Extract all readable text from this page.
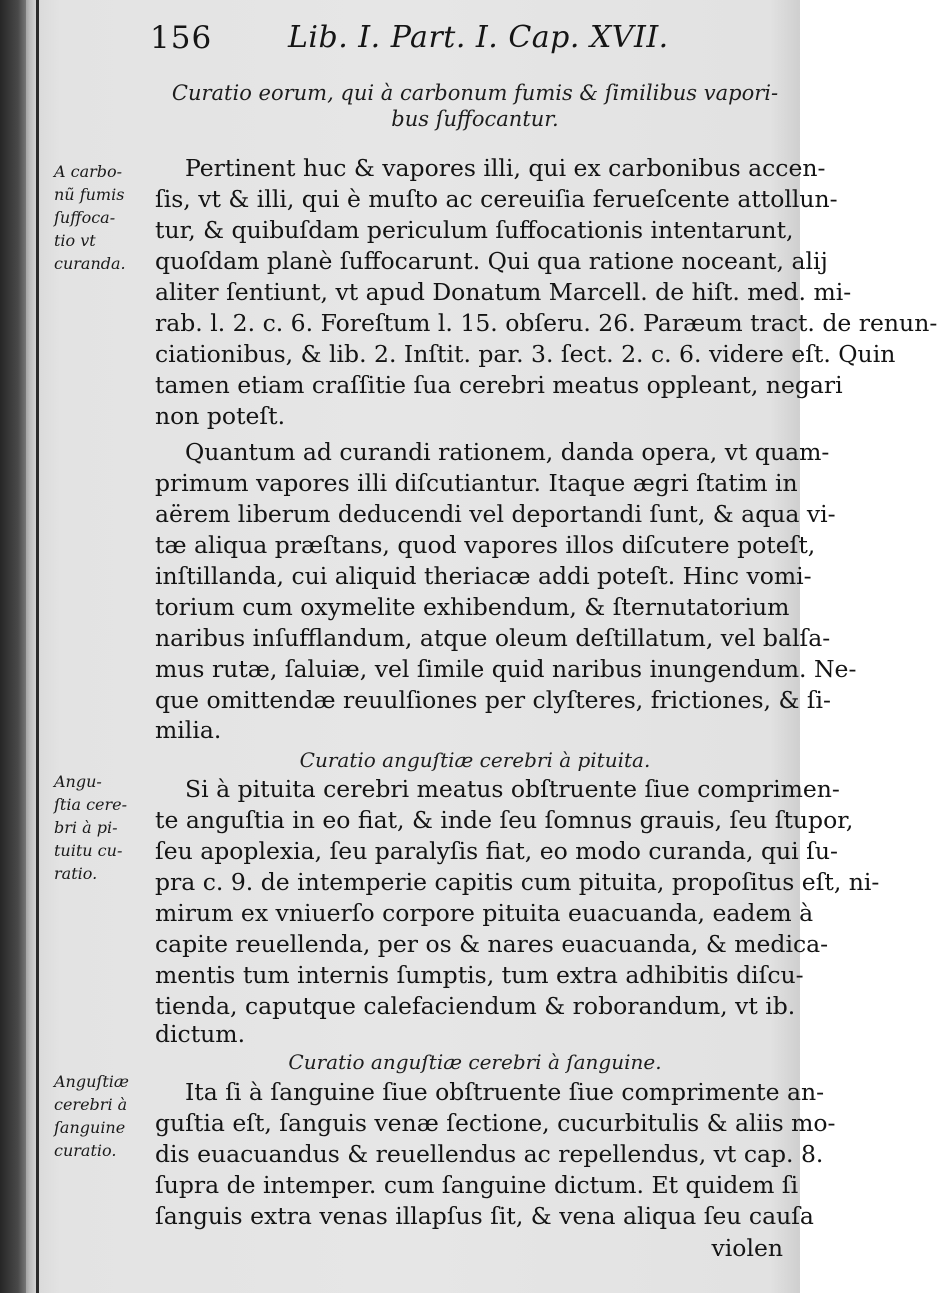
156	Lib. I. Part. I. Cap. XVII.
Curatio eorum, qui à carbonum fumis & ſimilibus vapori-
bus ſuffocantur.
A carbo-
nũ fumis
ſuffoca-
tio vt
curanda.
Pertinent huc & vapores illi, qui ex carbonibus accen-
ſis, vt & illi, qui è muſto ac cereuiſia ferueſcente attollun-
tur, & quibuſdam periculum ſuffocationis intentarunt,
quoſdam planè ſuffocarunt. Qui qua ratione noceant, alij
aliter ſentiunt, vt apud Donatum Marcell. de hiſt. med. mi-
rab. l. 2. c. 6. Foreſtum l. 15. obſeru. 26. Paræum tract. de renun-
ciationibus, & lib. 2. Inſtit. par. 3. ſect. 2. c. 6. videre eſt. Quin
tamen etiam craſſitie ſua cerebri meatus oppleant, negari
non poteſt.
Quantum ad curandi rationem, danda opera, vt quam-
primum vapores illi diſcutiantur. Itaque ægri ſtatim in
aërem liberum deducendi vel deportandi ſunt, & aqua vi-
tæ aliqua præſtans, quod vapores illos diſcutere poteſt,
inſtillanda, cui aliquid theriacæ addi poteſt. Hinc vomi-
torium cum oxymelite exhibendum, & ſternutatorium
naribus inſufflandum, atque oleum deſtillatum, vel balſa-
mus rutæ, ſaluiæ, vel ſimile quid naribus inungendum. Ne-
que omittendæ reuulſiones per clyſteres, frictiones, & ſi-
milia.
Curatio anguſtiæ cerebri à pituita.
Angu-
ſtia cere-
bri à pi-
tuitu cu-
ratio.
Si à pituita cerebri meatus obſtruente ſiue comprimen-
te anguſtia in eo fiat, & inde ſeu ſomnus grauis, ſeu ſtupor,
ſeu apoplexia, ſeu paralyſis fiat, eo modo curanda, qui ſu-
pra c. 9. de intemperie capitis cum pituita, propoſitus eſt, ni-
mirum ex vniuerſo corpore pituita euacuanda, eadem à
capite reuellenda, per os & nares euacuanda, & medica-
mentis tum internis ſumptis, tum extra adhibitis diſcu-
tienda, caputque calefaciendum & roborandum, vt ib.
dictum.
Curatio anguſtiæ cerebri à ſanguine.
Anguſtiæ
cerebri à
ſanguine
curatio.
Ita ſi à ſanguine ſiue obſtruente ſiue comprimente an-
guſtia eſt, ſanguis venæ ſectione, cucurbitulis & aliis mo-
dis euacuandus & reuellendus ac repellendus, vt cap. 8.
ſupra de intemper. cum ſanguine dictum. Et quidem ſi
ſanguis extra venas illapſus ſit, & vena aliqua ſeu cauſa
violen
